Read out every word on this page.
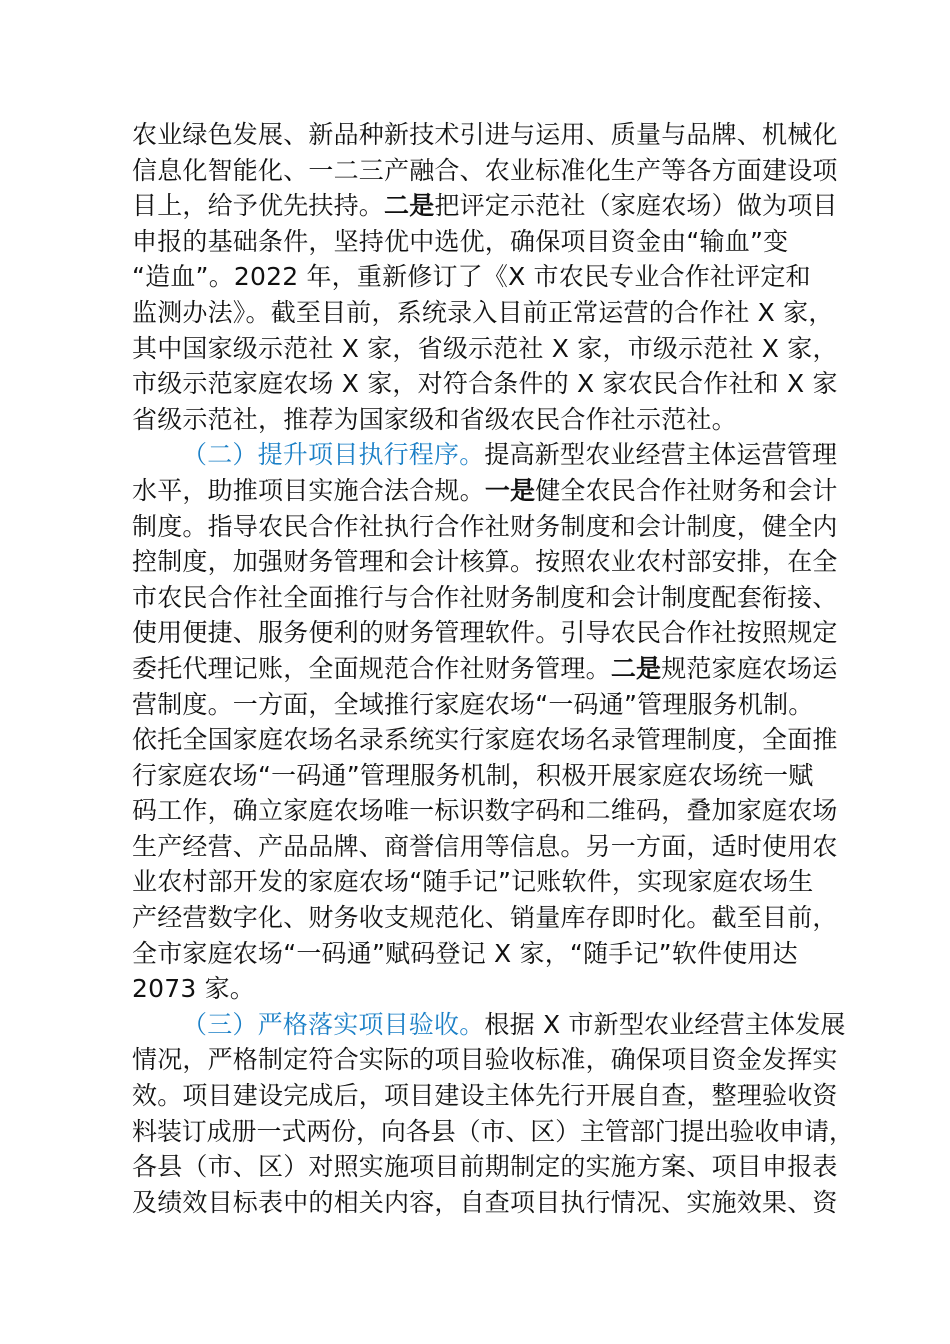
农业绿色发展、新品种新技术引进与运用、质量与品牌、机械化
信息化智能化、一二三产融合、农业标准化生产等各方面建设项
目上，给予优先扶持。二是把评定示范社（家庭农场）做为项目
申报的基础条件，坚持优中选优，确保项目资金由“输血”变
“造血”。2022 年，重新修订了《X 市农民专业合作社评定和
监测办法》。截至目前，系统录入目前正常运营的合作社 X 家，
其中国家级示范社 X 家，省级示范社 X 家，市级示范社 X 家，
市级示范家庭农场 X 家，对符合条件的 X 家农民合作社和 X 家
省级示范社，推荐为国家级和省级农民合作社示范社。
（二）提升项目执行程序。提高新型农业经营主体运营管理
水平，助推项目实施合法合规。一是健全农民合作社财务和会计
制度。指导农民合作社执行合作社财务制度和会计制度，健全内
控制度，加强财务管理和会计核算。按照农业农村部安排，在全
市农民合作社全面推行与合作社财务制度和会计制度配套衔接、
使用便捷、服务便利的财务管理软件。引导农民合作社按照规定
委托代理记账，全面规范合作社财务管理。二是规范家庭农场运
营制度。一方面，全域推行家庭农场“一码通”管理服务机制。
依托全国家庭农场名录系统实行家庭农场名录管理制度，全面推
行家庭农场“一码通”管理服务机制，积极开展家庭农场统一赋
码工作，确立家庭农场唯一标识数字码和二维码，叠加家庭农场
生产经营、产品品牌、商誉信用等信息。另一方面，适时使用农
业农村部开发的家庭农场“随手记”记账软件，实现家庭农场生
产经营数字化、财务收支规范化、销量库存即时化。截至目前，
全市家庭农场“一码通”赋码登记 X 家，“随手记”软件使用达
2073 家。
（三）严格落实项目验收。根据 X 市新型农业经营主体发展
情况，严格制定符合实际的项目验收标准，确保项目资金发挥实
效。项目建设完成后，项目建设主体先行开展自查，整理验收资
料装订成册一式两份，向各县（市、区）主管部门提出验收申请，
各县（市、区）对照实施项目前期制定的实施方案、项目申报表
及绩效目标表中的相关内容，自查项目执行情况、实施效果、资
